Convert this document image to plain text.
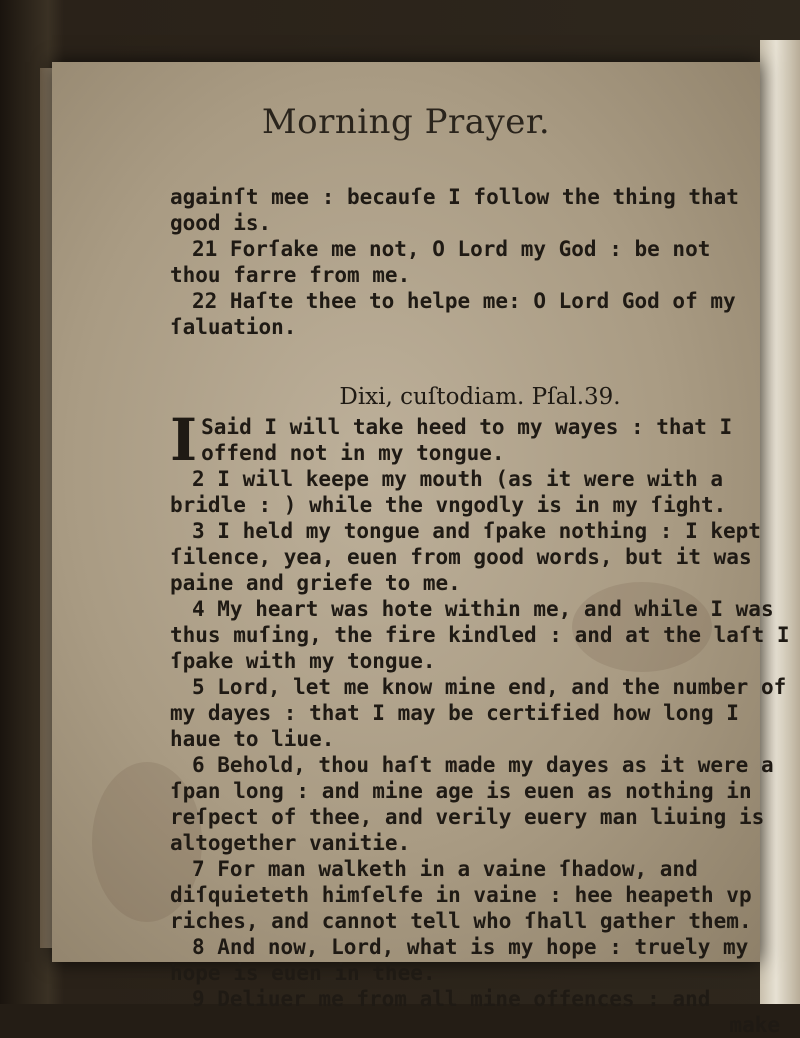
Morning Prayer.

againſt mee : becauſe I follow the thing that

good is.

21 Forſake me not, O Lord my God : be not

thou farre from me.

22 Haſte thee to helpe me: O Lord God of my

ſaluation.

Dixi, cuſtodiam. Pſal.39.

I Said I will take heed to my wayes : that I offend not in my tongue.

2 I will keepe my mouth (as it were with a bridle : ) while the vngodly is in my ſight.

3 I held my tongue and ſpake nothing : I kept ſilence, yea, euen from good words, but it was paine and griefe to me.

4 My heart was hote within me, and while I was thus muſing, the fire kindled : and at the laſt I ſpake with my tongue.

5 Lord, let me know mine end, and the number of my dayes : that I may be certified how long I haue to liue.

6 Behold, thou haſt made my dayes as it were a ſpan long : and mine age is euen as nothing in reſpect of thee, and verily euery man liuing is altogether vanitie.

7 For man walketh in a vaine ſhadow, and diſquieteth himſelfe in vaine : hee heapeth vp riches, and cannot tell who ſhall gather them.

8 And now, Lord, what is my hope : truely my hope is euen in thee.

9 Deliuer me from all mine offences : and

make
